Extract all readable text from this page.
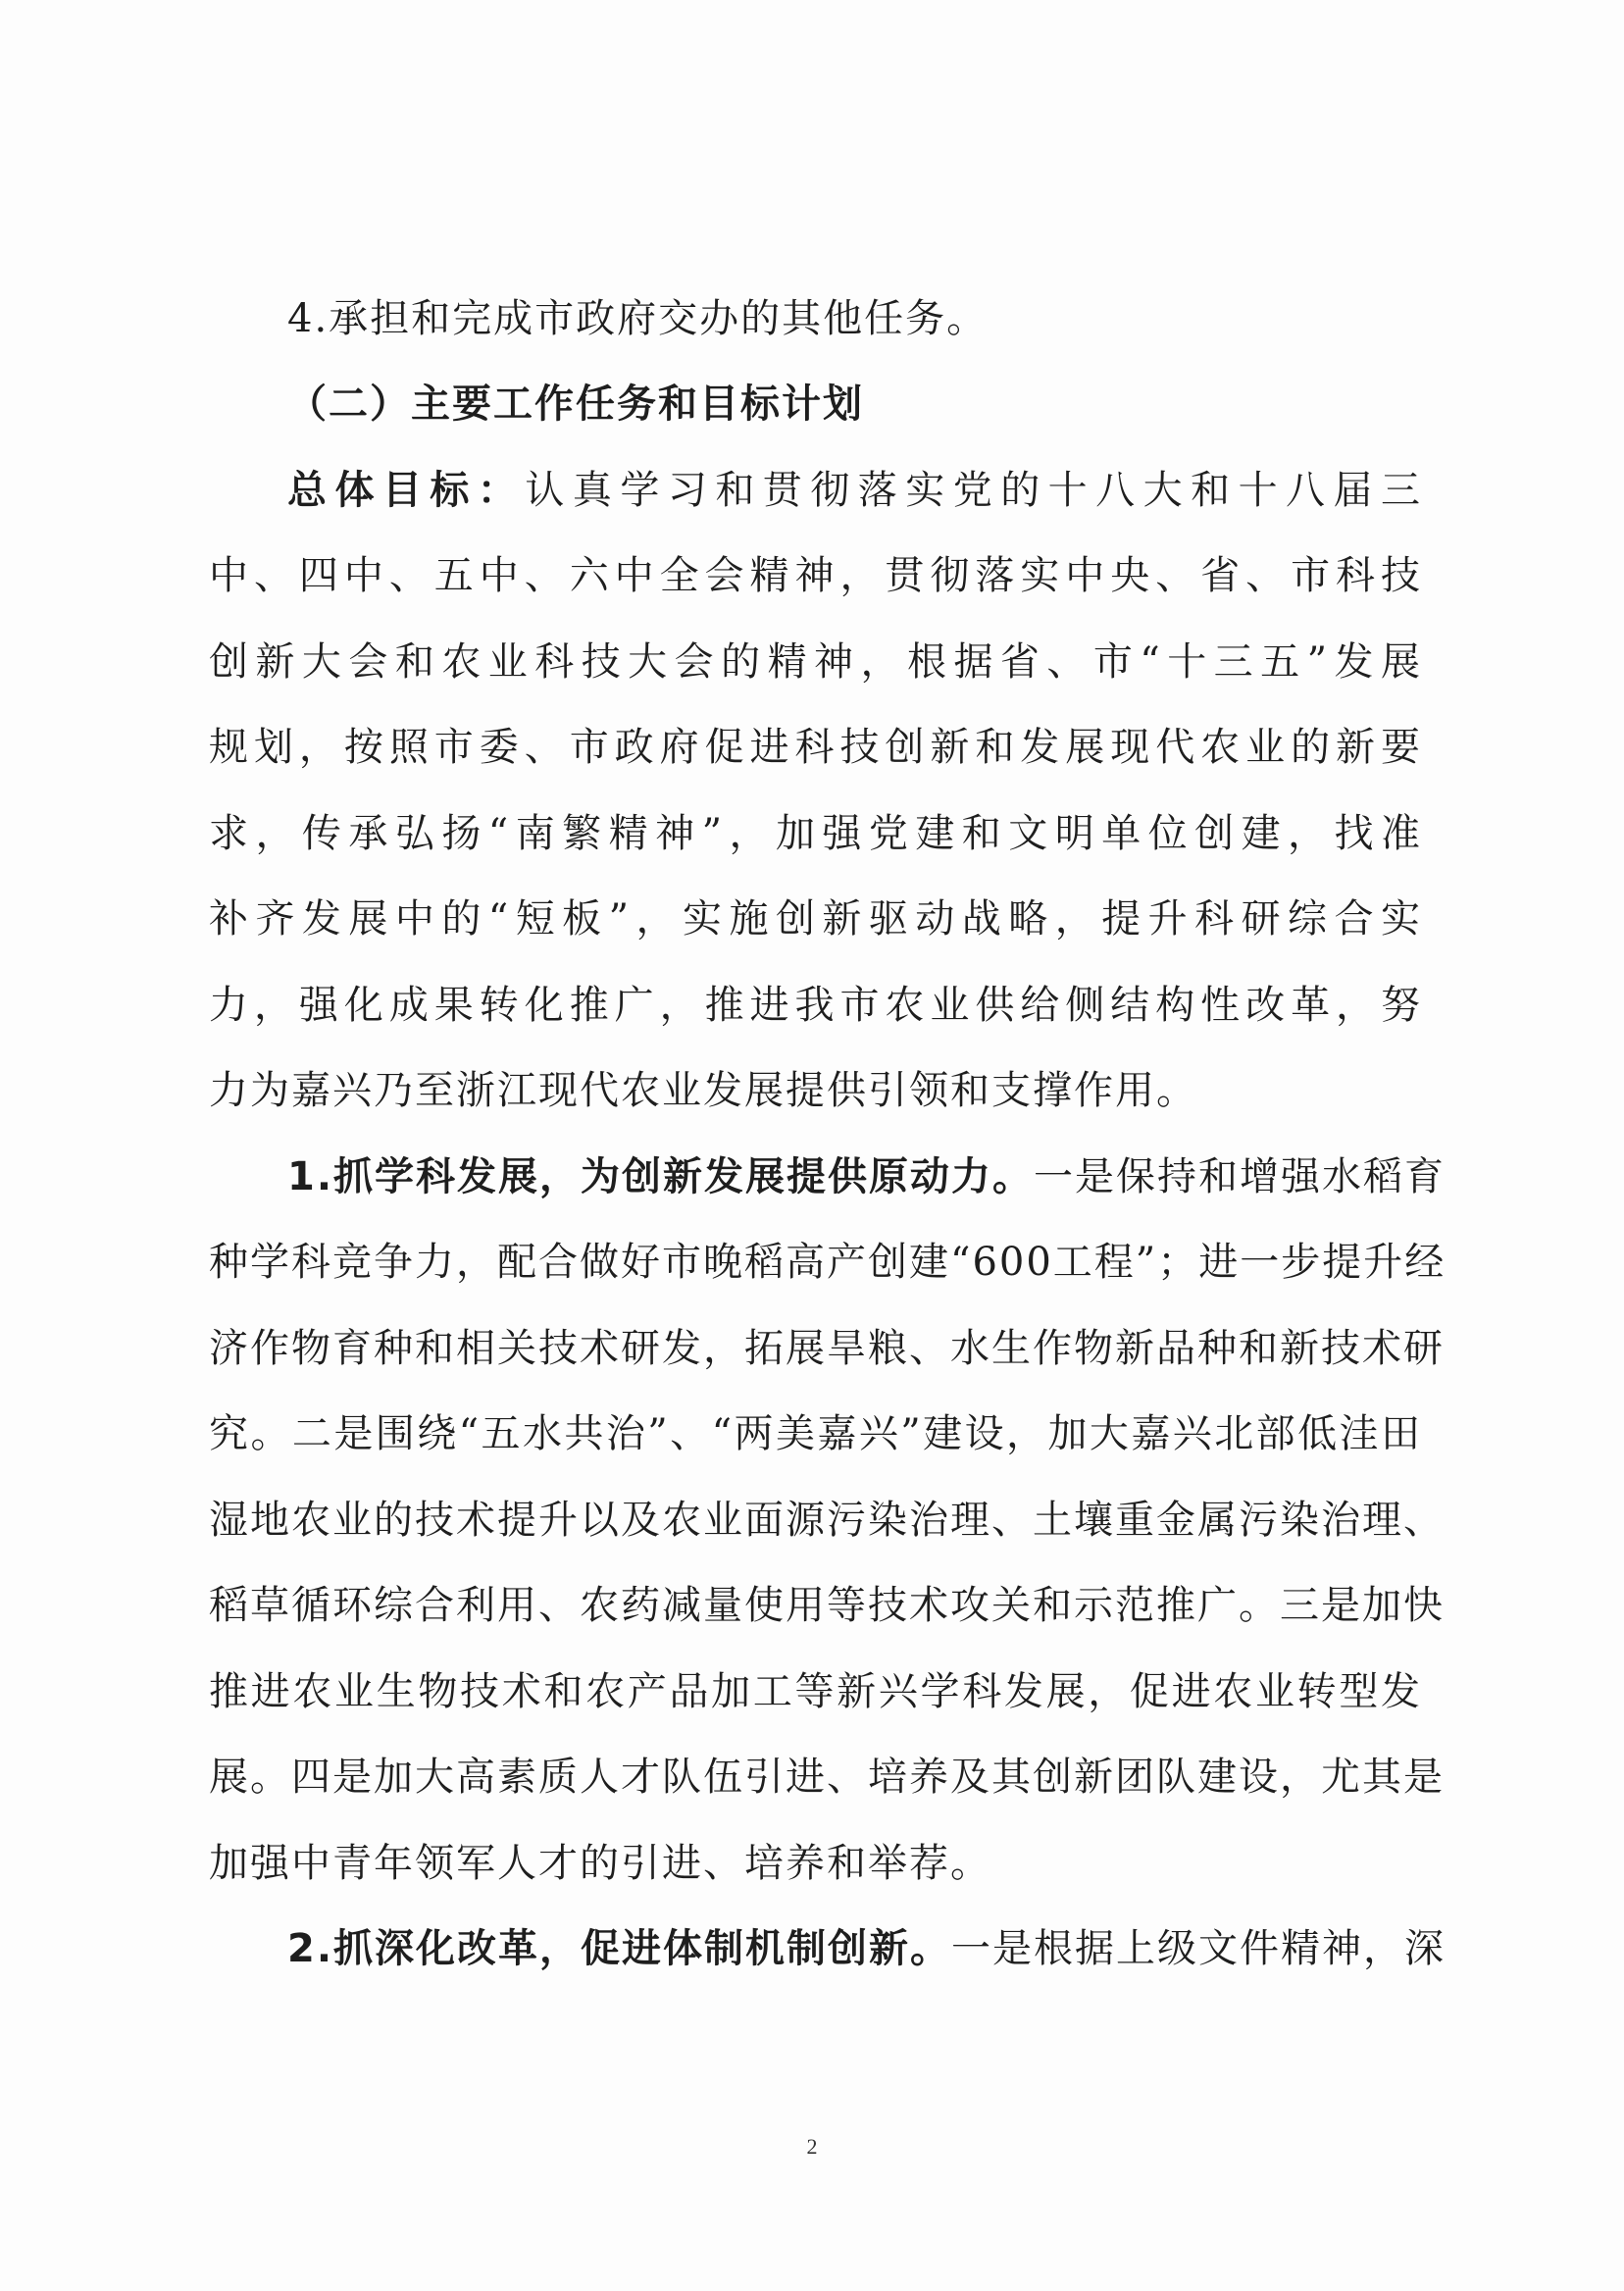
4.承担和完成市政府交办的其他任务。
（二）主要工作任务和目标计划
总体目标：认真学习和贯彻落实党的十八大和十八届三
中、四中、五中、六中全会精神，贯彻落实中央、省、市科技
创新大会和农业科技大会的精神，根据省、市“十三五”发展
规划，按照市委、市政府促进科技创新和发展现代农业的新要
求，传承弘扬“南繁精神”，加强党建和文明单位创建，找准
补齐发展中的“短板”，实施创新驱动战略，提升科研综合实
力，强化成果转化推广，推进我市农业供给侧结构性改革，努
力为嘉兴乃至浙江现代农业发展提供引领和支撑作用。
1.抓学科发展，为创新发展提供原动力。一是保持和增强水稻育
种学科竞争力，配合做好市晚稻高产创建“600工程”；进一步提升经
济作物育种和相关技术研发，拓展旱粮、水生作物新品种和新技术研
究。二是围绕“五水共治”、“两美嘉兴”建设，加大嘉兴北部低洼田
湿地农业的技术提升以及农业面源污染治理、土壤重金属污染治理、
稻草循环综合利用、农药减量使用等技术攻关和示范推广。三是加快
推进农业生物技术和农产品加工等新兴学科发展，促进农业转型发
展。四是加大高素质人才队伍引进、培养及其创新团队建设，尤其是
加强中青年领军人才的引进、培养和举荐。
2.抓深化改革，促进体制机制创新。一是根据上级文件精神，深
2
